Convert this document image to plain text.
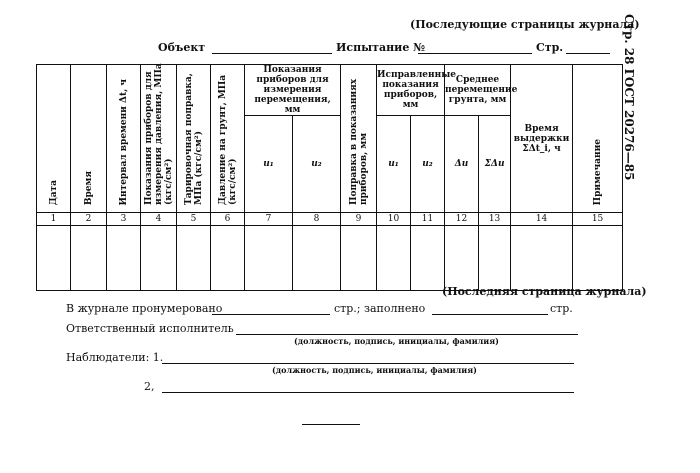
(Последующие страницы журнала)
Объект	Испытание №	Стр.	Стр. 28 ГОСТ 20276—85
Дата	Время	Интервал времени Δt, ч	Показания приборов для измерения давления, МПа (кгс/см²)	Тарировочная поправка, МПа (кгс/см²)	Давление на грунт, МПа (кгс/см²)	Показания приборов для измерения перемещения, мм		Поправка в показаниях приборов, мм	Исправленные показания приборов, мм		Среднее перемещение грунта, мм		Время выдержки ΣΔt_i, ч	Примечание
						u₁	u₂		u₁	u₂	Δu	ΣΔu		
1	2	3	4	5	6	7	8	9	10	11	12	13	14	15

(Последняя страница журнала)
В журнале пронумеровано	стр.; заполнено	стр.
Ответственный исполнитель
(должность, подпись, инициалы, фамилия)
Наблюдатели: 1.
(должность, подпись, инициалы, фамилия)
2,
